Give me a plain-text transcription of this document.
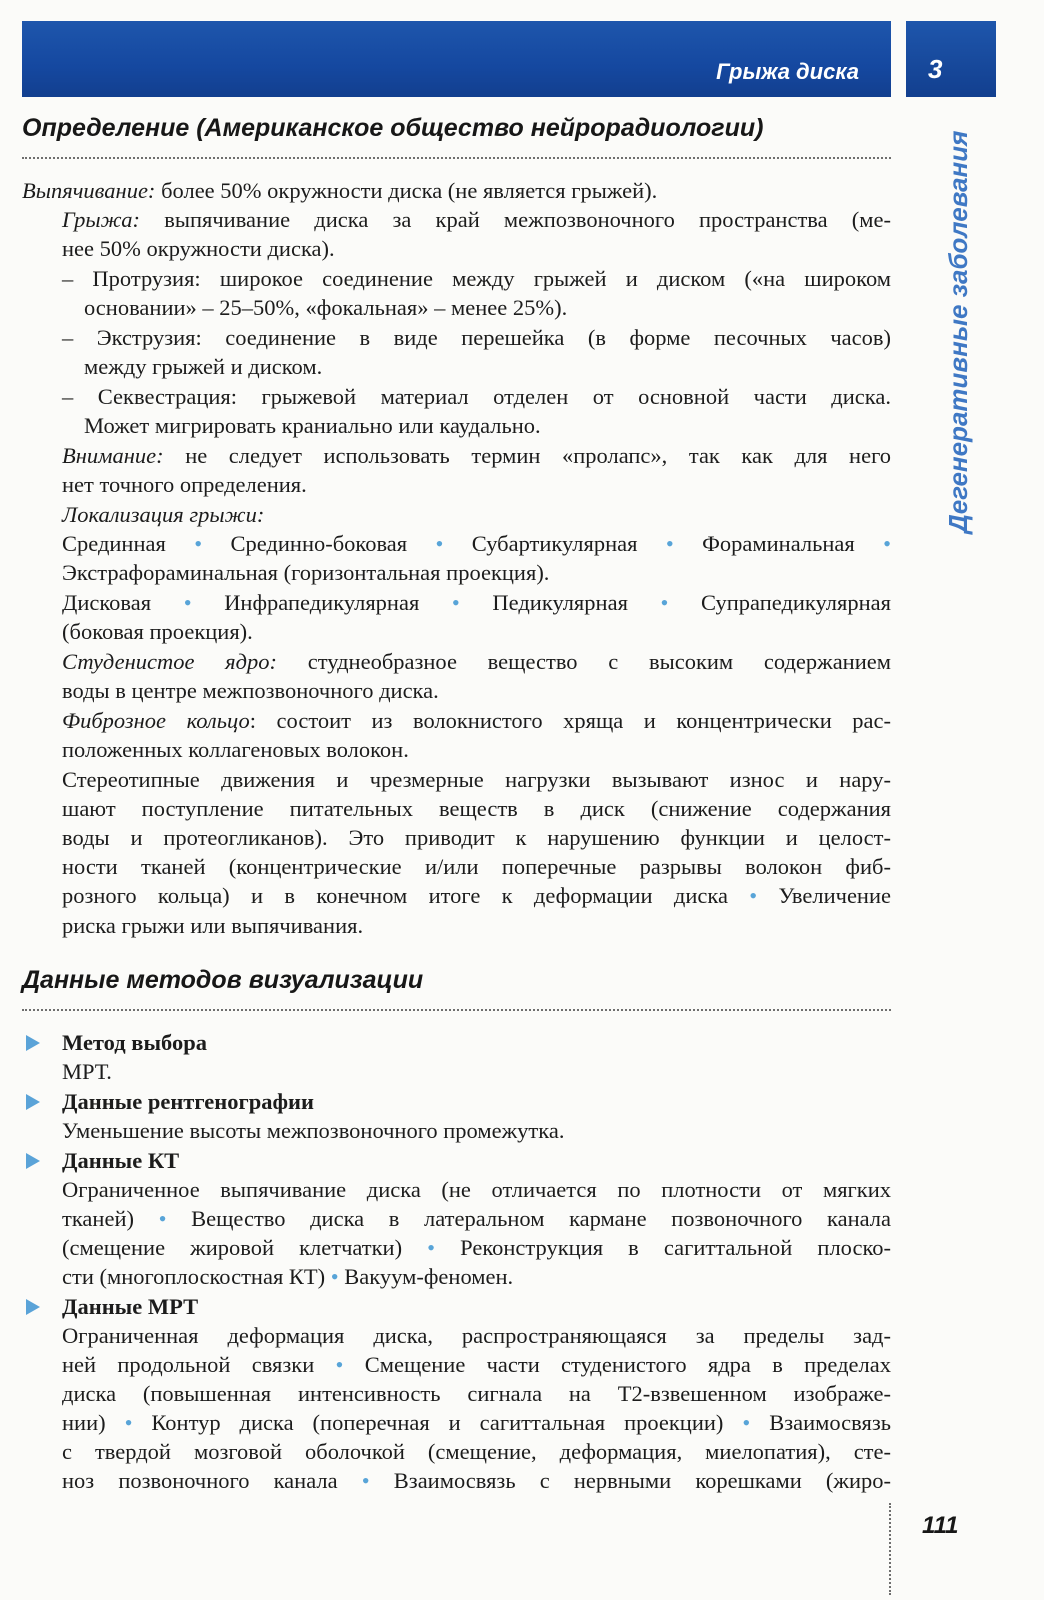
Грыжа диска	3
Дегенеративные заболевания
Определение (Американское общество нейрорадиологии)
Выпячивание: более 50% окружности диска (не является грыжей).
Грыжа: выпячивание диска за край межпозвоночного пространства (ме-
нее 50% окружности диска).
– Протрузия: широкое соединение между грыжей и диском («на широком
основании» – 25–50%, «фокальная» – менее 25%).
– Экструзия: соединение в виде перешейка (в форме песочных часов)
между грыжей и диском.
– Секвестрация: грыжевой материал отделен от основной части диска.
Может мигрировать краниально или каудально.
Внимание: не следует использовать термин «пролапс», так как для него
нет точного определения.
Локализация грыжи:
Срединная • Срединно-боковая • Субартикулярная • Фораминальная •
Экстрафораминальная (горизонтальная проекция).
Дисковая • Инфрапедикулярная • Педикулярная • Супрапедикулярная
(боковая проекция).
Студенистое ядро: студнеобразное вещество с высоким содержанием
воды в центре межпозвоночного диска.
Фиброзное кольцо: состоит из волокнистого хряща и концентрически рас-
положенных коллагеновых волокон.
Стереотипные движения и чрезмерные нагрузки вызывают износ и нару-
шают поступление питательных веществ в диск (снижение содержания
воды и протеогликанов). Это приводит к нарушению функции и целост-
ности тканей (концентрические и/или поперечные разрывы волокон фиб-
розного кольца) и в конечном итоге к деформации диска • Увеличение
риска грыжи или выпячивания.
Данные методов визуализации
Метод выбора
МРТ.
Данные рентгенографии
Уменьшение высоты межпозвоночного промежутка.
Данные КТ
Ограниченное выпячивание диска (не отличается по плотности от мягких
тканей) • Вещество диска в латеральном кармане позвоночного канала
(смещение жировой клетчатки) • Реконструкция в сагиттальной плоско-
сти (многоплоскостная КТ) • Вакуум-феномен.
Данные МРТ
Ограниченная деформация диска, распространяющаяся за пределы зад-
ней продольной связки • Смещение части студенистого ядра в пределах
диска (повышенная интенсивность сигнала на Т2-взвешенном изображе-
нии) • Контур диска (поперечная и сагиттальная проекции) • Взаимосвязь
с твердой мозговой оболочкой (смещение, деформация, миелопатия), сте-
ноз позвоночного канала • Взаимосвязь с нервными корешками (жиро-
111
